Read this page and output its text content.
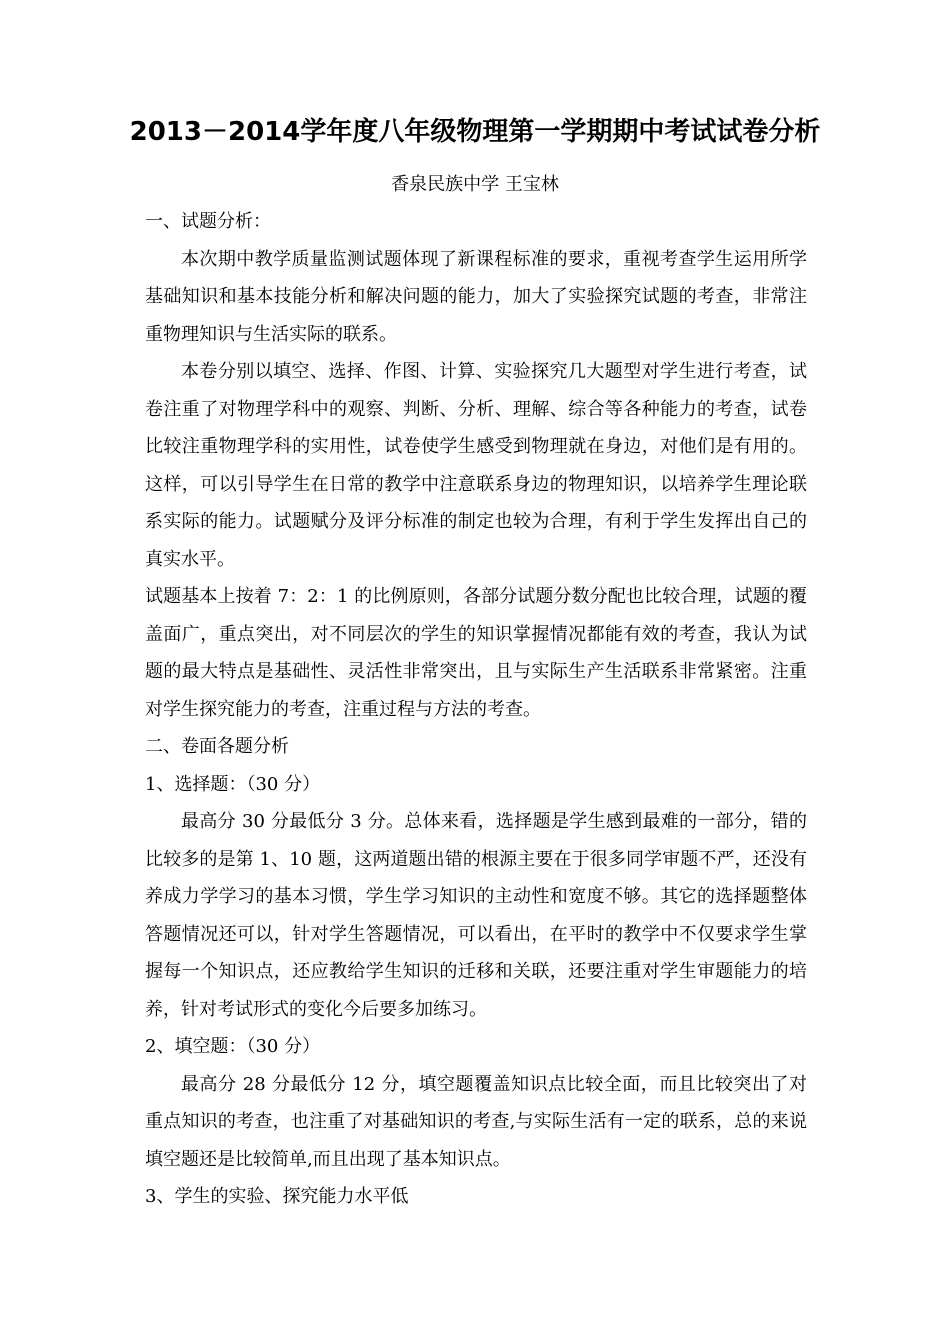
2013－2014学年度八年级物理第一学期期中考试试卷分析
香泉民族中学 王宝林

一、试题分析：

本次期中教学质量监测试题体现了新课程标准的要求，重视考查学生运用所学基础知识和基本技能分析和解决问题的能力，加大了实验探究试题的考查，非常注重物理知识与生活实际的联系。

本卷分别以填空、选择、作图、计算、实验探究几大题型对学生进行考查，试卷注重了对物理学科中的观察、判断、分析、理解、综合等各种能力的考查，试卷比较注重物理学科的实用性，试卷使学生感受到物理就在身边，对他们是有用的。这样，可以引导学生在日常的教学中注意联系身边的物理知识，以培养学生理论联系实际的能力。试题赋分及评分标准的制定也较为合理，有利于学生发挥出自己的真实水平。

试题基本上按着 7：2：1 的比例原则，各部分试题分数分配也比较合理，试题的覆盖面广，重点突出，对不同层次的学生的知识掌握情况都能有效的考查，我认为试题的最大特点是基础性、灵活性非常突出，且与实际生产生活联系非常紧密。注重对学生探究能力的考查，注重过程与方法的考查。

二、卷面各题分析

1、选择题：（30 分）

最高分 30 分最低分 3 分。总体来看，选择题是学生感到最难的一部分，错的比较多的是第 1、10 题，这两道题出错的根源主要在于很多同学审题不严，还没有养成力学学习的基本习惯，学生学习知识的主动性和宽度不够。其它的选择题整体答题情况还可以，针对学生答题情况，可以看出，在平时的教学中不仅要求学生掌握每一个知识点，还应教给学生知识的迁移和关联，还要注重对学生审题能力的培养，针对考试形式的变化今后要多加练习。

2、填空题：（30 分）

最高分 28 分最低分 12 分，填空题覆盖知识点比较全面，而且比较突出了对重点知识的考查，也注重了对基础知识的考查,与实际生活有一定的联系，总的来说填空题还是比较简单,而且出现了基本知识点。

3、学生的实验、探究能力水平低
